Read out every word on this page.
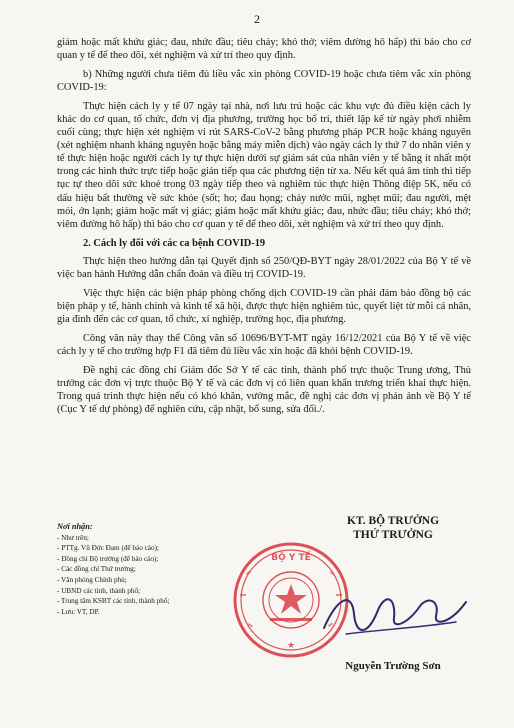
2

giảm hoặc mất khứu giác; đau, nhức đầu; tiêu chảy; khó thở; viêm đường hô hấp) thì báo cho cơ quan y tế để theo dõi, xét nghiệm và xử trí theo quy định.

b) Những người chưa tiêm đủ liều vắc xin phòng COVID-19 hoặc chưa tiêm vắc xin phòng COVID-19:

Thực hiện cách ly y tế 07 ngày tại nhà, nơi lưu trú hoặc các khu vực đủ điều kiện cách ly khác do cơ quan, tổ chức, đơn vị địa phương, trường học bố trí, thiết lập kể từ ngày phơi nhiễm cuối cùng; thực hiện xét nghiệm vi rút SARS-CoV-2 bằng phương pháp PCR hoặc kháng nguyên (xét nghiệm nhanh kháng nguyên hoặc bằng máy miễn dịch) vào ngày cách ly thứ 7 do nhân viên y tế thực hiện hoặc người cách ly tự thực hiện dưới sự giám sát của nhân viên y tế bằng ít nhất một trong các hình thức trực tiếp hoặc gián tiếp qua các phương tiện từ xa. Nếu kết quả âm tính thì tiếp tục tự theo dõi sức khoẻ trong 03 ngày tiếp theo và nghiêm túc thực hiện Thông điệp 5K, nếu có dấu hiệu bất thường về sức khỏe (sốt; ho; đau họng; chảy nước mũi, nghẹt mũi; đau người, mệt mỏi, ớn lạnh; giảm hoặc mất vị giác; giảm hoặc mất khứu giác; đau, nhức đầu; tiêu chảy; khó thở; viêm đường hô hấp) thì báo cho cơ quan y tế để theo dõi, xét nghiệm và xử trí theo quy định.

2. Cách ly đối với các ca bệnh COVID-19

Thực hiện theo hướng dẫn tại Quyết định số 250/QĐ-BYT ngày 28/01/2022 của Bộ Y tế về việc ban hành Hướng dẫn chẩn đoán và điều trị COVID-19.

Việc thực hiện các biện pháp phòng chống dịch COVID-19 cần phải đảm bảo đồng bộ các biện pháp y tế, hành chính và kinh tế xã hội, được thực hiện nghiêm túc, quyết liệt từ mỗi cá nhân, gia đình đến các cơ quan, tổ chức, xí nghiệp, trường học, địa phương.

Công văn này thay thế Công văn số 10696/BYT-MT ngày 16/12/2021 của Bộ Y tế về việc cách ly y tế cho trường hợp F1 đã tiêm đủ liều vắc xin hoặc đã khỏi bệnh COVID-19.

Đề nghị các đồng chí Giám đốc Sở Y tế các tỉnh, thành phố trực thuộc Trung ương, Thủ trưởng các đơn vị trực thuộc Bộ Y tế và các đơn vị có liên quan khẩn trương triển khai thực hiện. Trong quá trình thực hiện nếu có khó khăn, vướng mắc, đề nghị các đơn vị phản ánh về Bộ Y tế (Cục Y tế dự phòng) để nghiên cứu, cập nhật, bổ sung, sửa đổi./.

Nơi nhận:
- Như trên;
- PTTg. Vũ Đức Đam (để báo cáo);
- Đồng chí Bộ trưởng (để báo cáo);
- Các đồng chí Thứ trưởng;
- Văn phòng Chính phủ;
- UBND các tỉnh, thành phố;
- Trung tâm KSBT các tỉnh, thành phố;
- Lưu: VT, DP.
BỘ Y TẾ
★
KT. BỘ TRƯỞNG
THỨ TRƯỞNG
Nguyễn Trường Sơn
